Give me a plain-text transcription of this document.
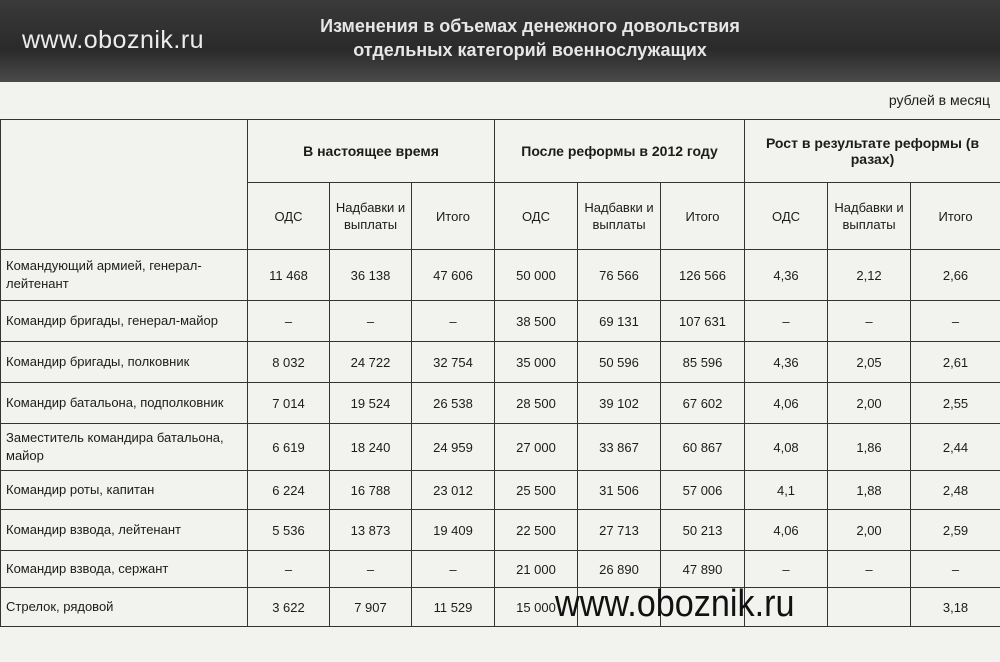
www.oboznik.ru	Изменения в объемах денежного довольствия
отдельных категорий военнослужащих
рублей в месяц
	В настоящее время			После реформы в 2012 году			Рост в результате реформы (в разах)		
	ОДС	Надбавки и выплаты	Итого	ОДС	Надбавки и выплаты	Итого	ОДС	Надбавки и выплаты	Итого
Командующий армией, генерал-лейтенант	11 468	36 138	47 606	50 000	76 566	126 566	4,36	2,12	2,66
Командир бригады, генерал-майор	–	–	–	38 500	69 131	107 631	–	–	–
Командир бригады, полковник	8 032	24 722	32 754	35 000	50 596	85 596	4,36	2,05	2,61
Командир батальона, подполковник	7 014	19 524	26 538	28 500	39 102	67 602	4,06	2,00	2,55
Заместитель командира батальона, майор	6 619	18 240	24 959	27 000	33 867	60 867	4,08	1,86	2,44
Командир роты, капитан	6 224	16 788	23 012	25 500	31 506	57 006	4,1	1,88	2,48
Командир взвода, лейтенант	5 536	13 873	19 409	22 500	27 713	50 213	4,06	2,00	2,59
Командир взвода, сержант	–	–	–	21 000	26 890	47 890	–	–	–
Стрелок, рядовой	3 622	7 907	11 529	15 000					3,18
www.oboznik.ru
